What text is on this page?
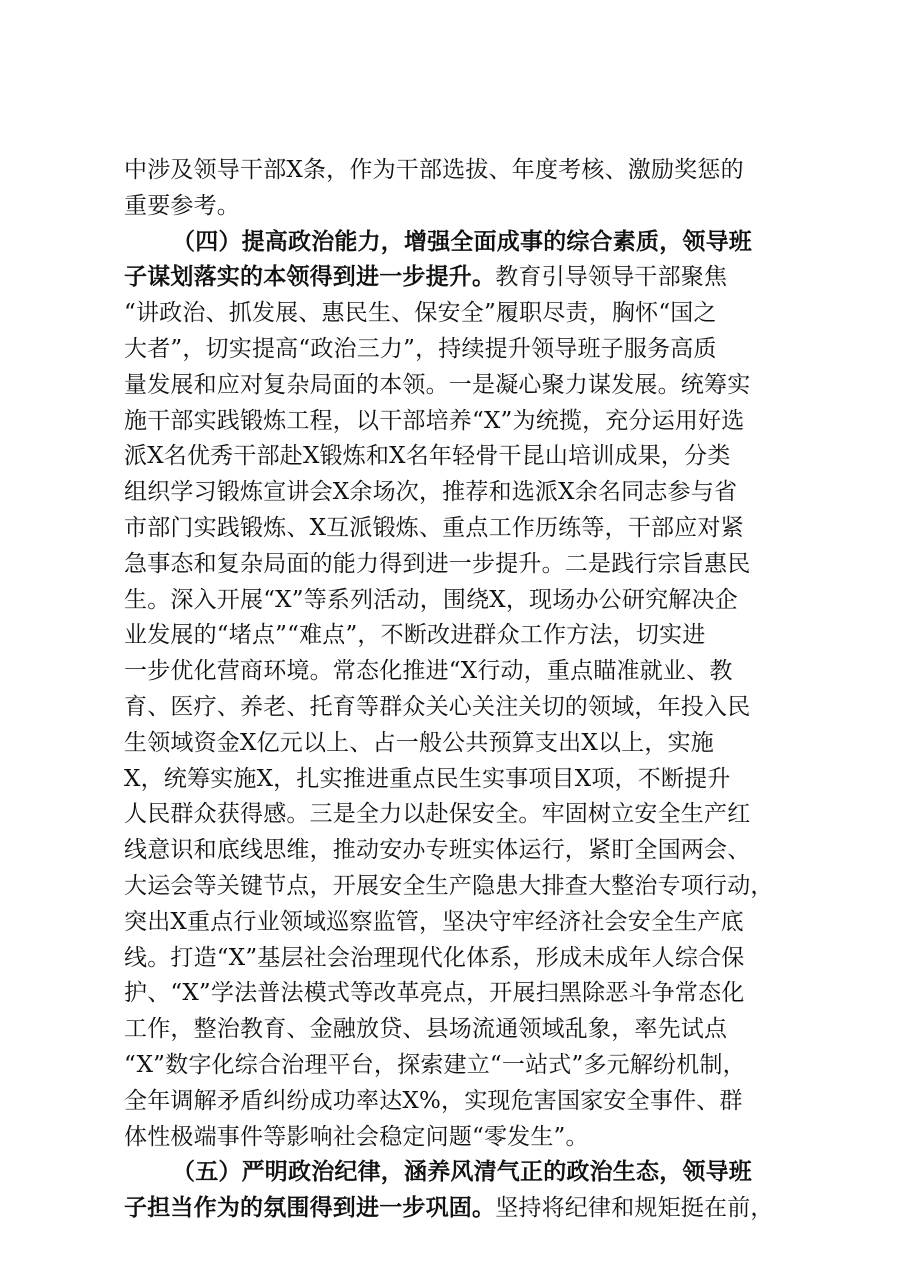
中涉及领导干部X条，作为干部选拔、年度考核、激励奖惩的
重要参考。
（四）提高政治能力，增强全面成事的综合素质，领导班
子谋划落实的本领得到进一步提升。教育引导领导干部聚焦
“讲政治、抓发展、惠民生、保安全”履职尽责，胸怀“国之
大者”，切实提高“政治三力”，持续提升领导班子服务高质
量发展和应对复杂局面的本领。一是凝心聚力谋发展。统筹实
施干部实践锻炼工程，以干部培养“X”为统揽，充分运用好选
派X名优秀干部赴X锻炼和X名年轻骨干昆山培训成果，分类
组织学习锻炼宣讲会X余场次，推荐和选派X余名同志参与省
市部门实践锻炼、X互派锻炼、重点工作历练等，干部应对紧
急事态和复杂局面的能力得到进一步提升。二是践行宗旨惠民
生。深入开展“X”等系列活动，围绕X，现场办公研究解决企
业发展的“堵点”“难点”，不断改进群众工作方法，切实进
一步优化营商环境。常态化推进“X行动，重点瞄准就业、教
育、医疗、养老、托育等群众关心关注关切的领域，年投入民
生领域资金X亿元以上、占一般公共预算支出X以上，实施
X，统筹实施X，扎实推进重点民生实事项目X项，不断提升
人民群众获得感。三是全力以赴保安全。牢固树立安全生产红
线意识和底线思维，推动安办专班实体运行，紧盯全国两会、
大运会等关键节点，开展安全生产隐患大排查大整治专项行动，
突出X重点行业领域巡察监管，坚决守牢经济社会安全生产底
线。打造“X”基层社会治理现代化体系，形成未成年人综合保
护、“X”学法普法模式等改革亮点，开展扫黑除恶斗争常态化
工作，整治教育、金融放贷、县场流通领域乱象，率先试点
“X”数字化综合治理平台，探索建立“一站式”多元解纷机制，
全年调解矛盾纠纷成功率达X%，实现危害国家安全事件、群
体性极端事件等影响社会稳定问题“零发生”。
（五）严明政治纪律，涵养风清气正的政治生态，领导班
子担当作为的氛围得到进一步巩固。坚持将纪律和规矩挺在前，
